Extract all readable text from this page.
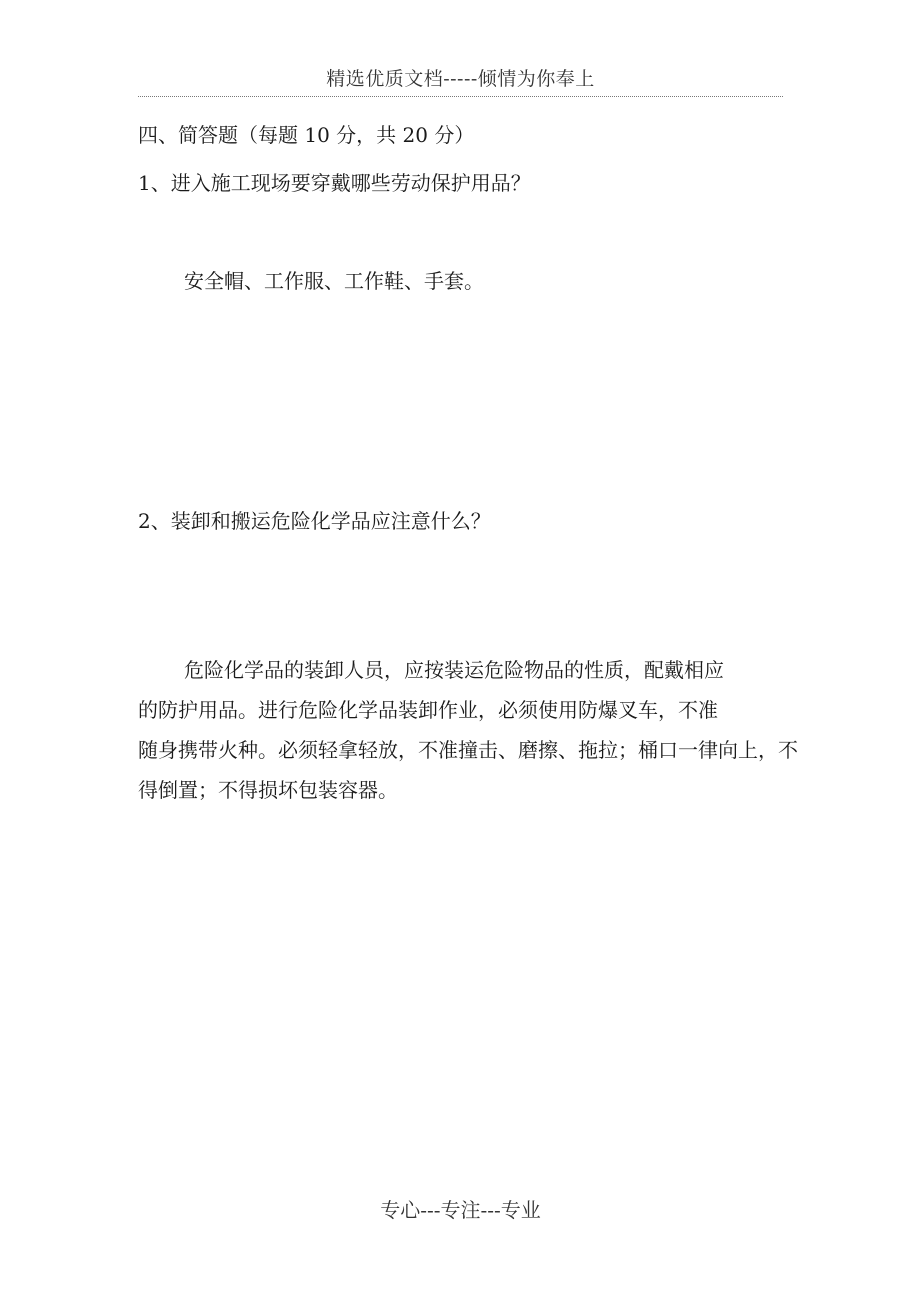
精选优质文档-----倾情为你奉上
四、简答题（每题 10 分，共 20 分）
1、进入施工现场要穿戴哪些劳动保护用品？
安全帽、工作服、工作鞋、手套。
2、装卸和搬运危险化学品应注意什么？
危险化学品的装卸人员，应按装运危险物品的性质，配戴相应
的防护用品。进行危险化学品装卸作业，必须使用防爆叉车，不准
随身携带火种。必须轻拿轻放，不准撞击、磨擦、拖拉；桶口一律向上，不
得倒置；不得损坏包装容器。
专心---专注---专业
